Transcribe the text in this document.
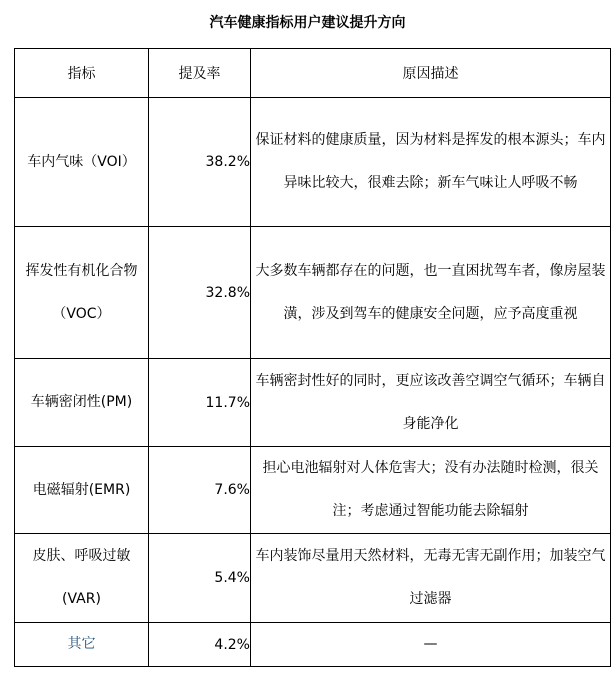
汽车健康指标用户建议提升方向
指标	提及率	原因描述
车内气味（VOI）	38.2%	保证材料的健康质量，因为材料是挥发的根本源头；车内异味比较大，很难去除；新车气味让人呼吸不畅
挥发性有机化合物（VOC）	32.8%	大多数车辆都存在的问题，也一直困扰驾车者，像房屋装潢，涉及到驾车的健康安全问题，应予高度重视
车辆密闭性(PM)	11.7%	车辆密封性好的同时，更应该改善空调空气循环；车辆自身能净化
电磁辐射(EMR)	7.6%	担心电池辐射对人体危害大；没有办法随时检测，很关注；考虑通过智能功能去除辐射
皮肤、呼吸过敏(VAR)	5.4%	车内装饰尽量用天然材料，无毒无害无副作用；加装空气过滤器
其它	4.2%	—
